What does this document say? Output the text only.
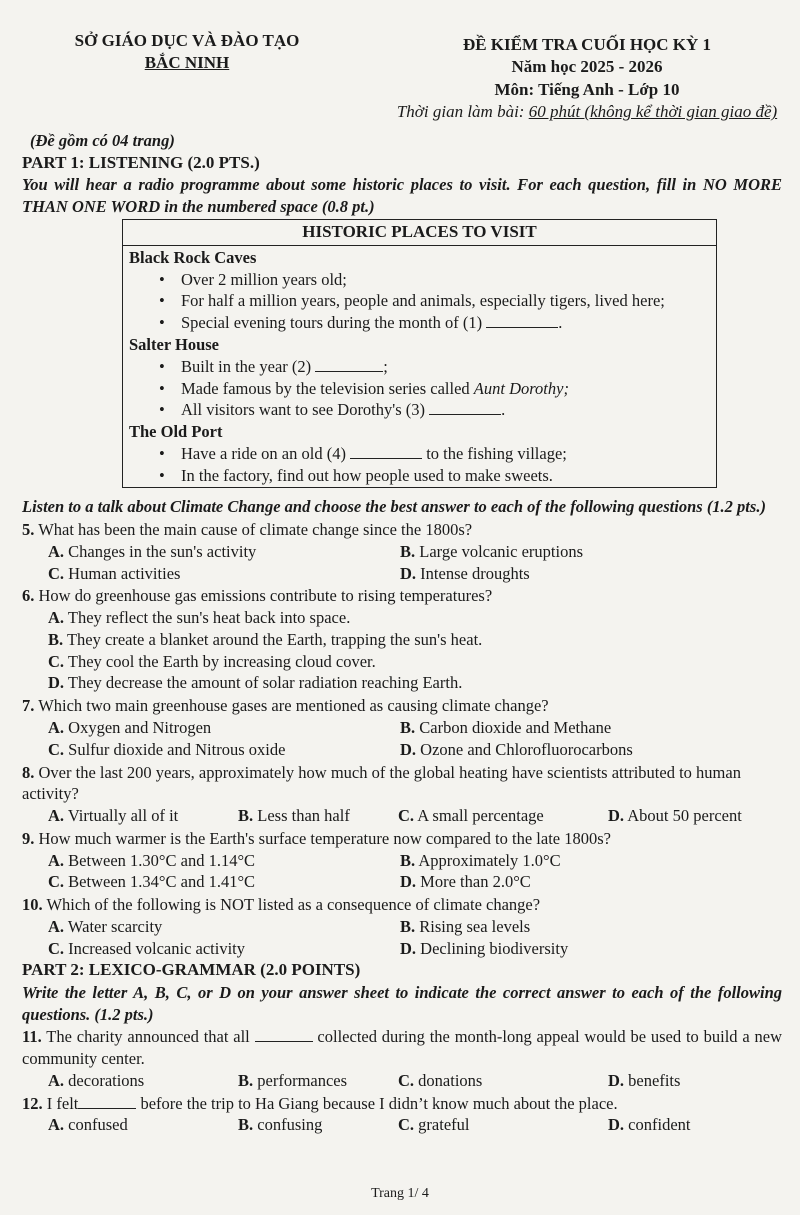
SỞ GIÁO DỤC VÀ ĐÀO TẠO
BẮC NINH
ĐỀ KIỂM TRA CUỐI HỌC KỲ 1
Năm học 2025 - 2026
Môn: Tiếng Anh - Lớp 10
Thời gian làm bài: 60 phút (không kể thời gian giao đề)
(Đề gồm có 04 trang)
PART 1: LISTENING (2.0 PTS.)
You will hear a radio programme about some historic places to visit. For each question, fill in NO MORE THAN ONE WORD in the numbered space (0.8 pt.)
HISTORIC PLACES TO VISIT

Black Rock Caves
• Over 2 million years old;
• For half a million years, people and animals, especially tigers, lived here;
• Special evening tours during the month of (1)	.
Salter House
• Built in the year (2)	;
• Made famous by the television series called Aunt Dorothy;
• All visitors want to see Dorothy's (3)	.
The Old Port
• Have a ride on an old (4)	to the fishing village;
• In the factory, find out how people used to make sweets.
Listen to a talk about Climate Change and choose the best answer to each of the following questions (1.2 pts.)
5. What has been the main cause of climate change since the 1800s?
A. Changes in the sun's activity	B. Large volcanic eruptions
C. Human activities	D. Intense droughts
6. How do greenhouse gas emissions contribute to rising temperatures?
A. They reflect the sun's heat back into space.
B. They create a blanket around the Earth, trapping the sun's heat.
C. They cool the Earth by increasing cloud cover.
D. They decrease the amount of solar radiation reaching Earth.
7. Which two main greenhouse gases are mentioned as causing climate change?
A. Oxygen and Nitrogen	B. Carbon dioxide and Methane
C. Sulfur dioxide and Nitrous oxide	D. Ozone and Chlorofluorocarbons
8. Over the last 200 years, approximately how much of the global heating have scientists attributed to human activity?
A. Virtually all of it	B. Less than half	C. A small percentage	D. About 50 percent
9. How much warmer is the Earth's surface temperature now compared to the late 1800s?
A. Between 1.30°C and 1.14°C	B. Approximately 1.0°C
C. Between 1.34°C and 1.41°C	D. More than 2.0°C
10. Which of the following is NOT listed as a consequence of climate change?
A. Water scarcity	B. Rising sea levels
C. Increased volcanic activity	D. Declining biodiversity
PART 2: LEXICO-GRAMMAR (2.0 POINTS)
Write the letter A, B, C, or D on your answer sheet to indicate the correct answer to each of the following questions. (1.2 pts.)
11. The charity announced that all	collected during the month-long appeal would be used to build a new community center.
A. decorations	B. performances	C. donations	D. benefits
12. I felt	before the trip to Ha Giang because I didn’t know much about the place.
A. confused	B. confusing	C. grateful	D. confident
Trang 1/ 4
